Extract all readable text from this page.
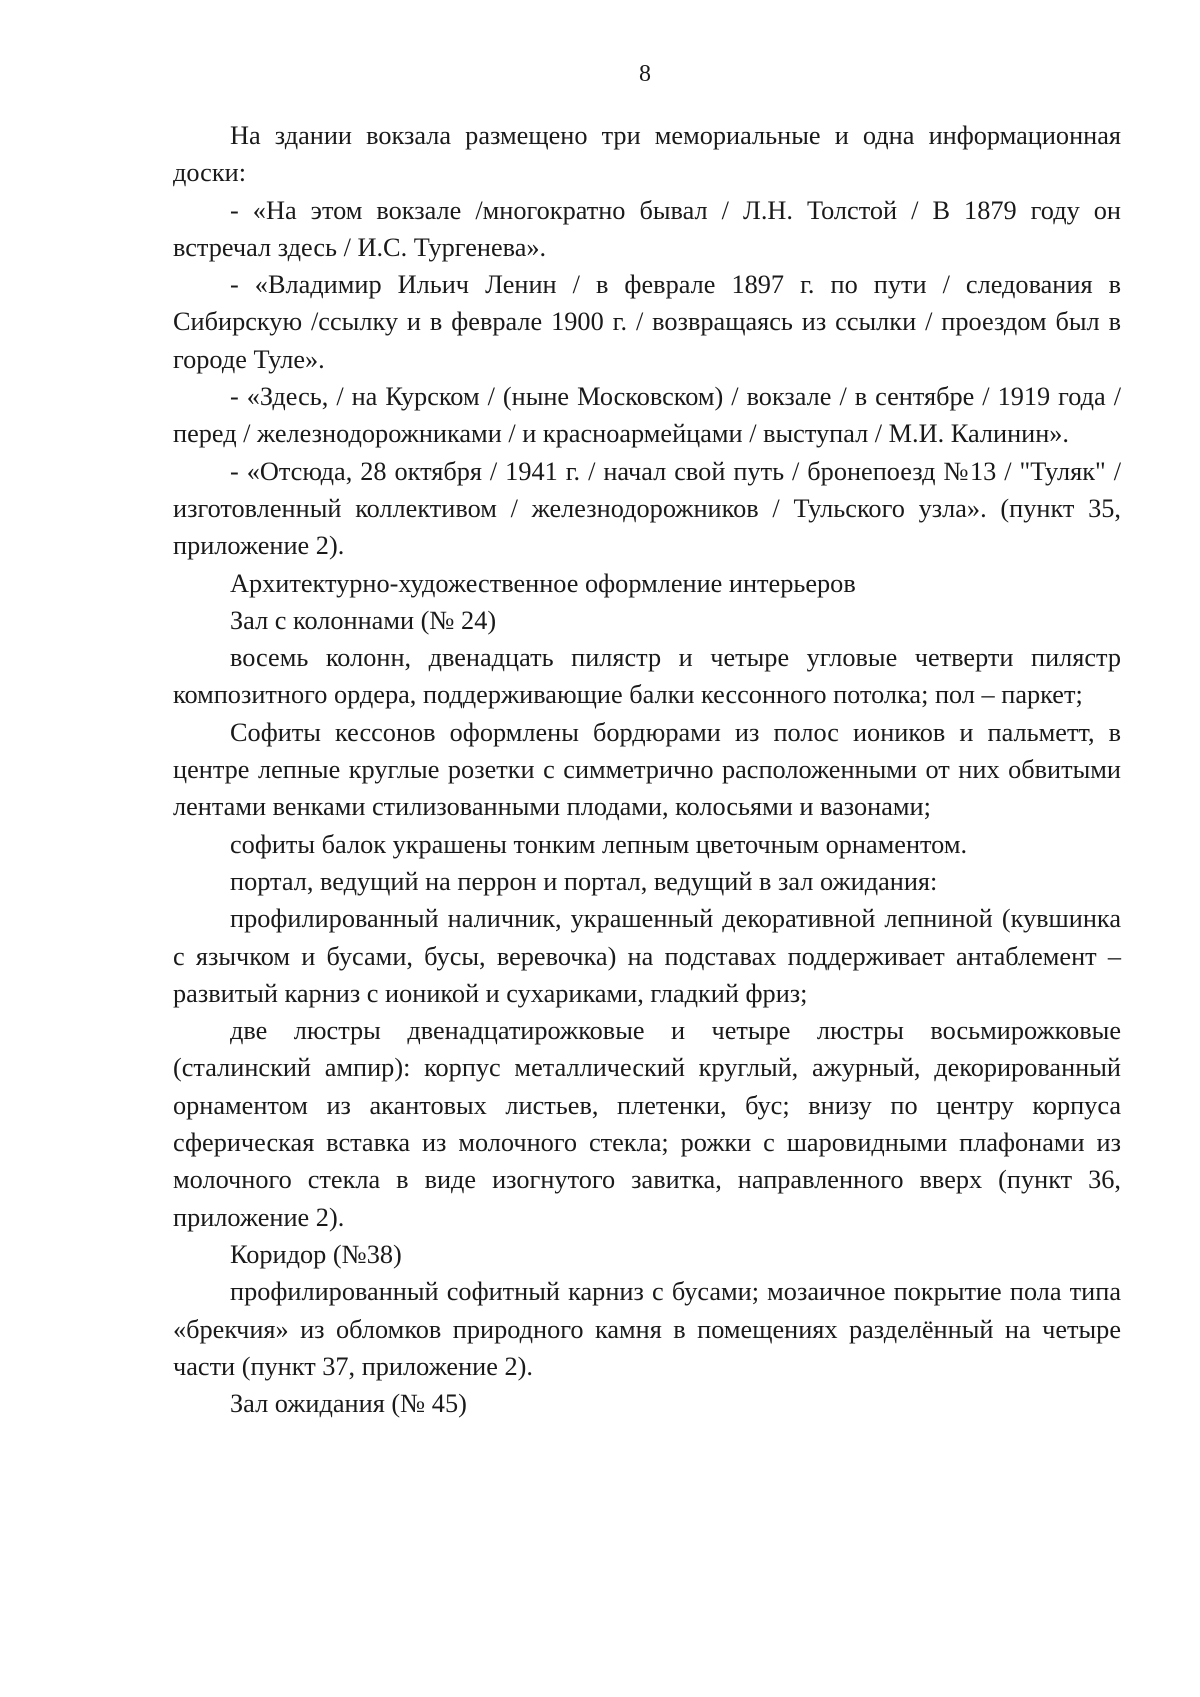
8

На здании вокзала размещено три мемориальные и одна информационная доски:

- «На этом вокзале /многократно бывал / Л.Н. Толстой / В 1879 году он встречал здесь / И.С. Тургенева».

- «Владимир Ильич Ленин / в феврале 1897 г. по пути / следования в Сибирскую /ссылку и в феврале 1900 г. / возвращаясь из ссылки / проездом был в городе Туле».

- «Здесь, / на Курском / (ныне Московском) / вокзале / в сентябре / 1919 года / перед / железнодорожниками / и красноармейцами / выступал / М.И. Калинин».

- «Отсюда, 28 октября / 1941 г. / начал свой путь / бронепоезд №13 / "Туляк" /изготовленный коллективом / железнодорожников / Тульского узла». (пункт 35, приложение 2).

Архитектурно-художественное оформление интерьеров

Зал с колоннами (№ 24)

восемь колонн, двенадцать пилястр и четыре угловые четверти пилястр композитного ордера, поддерживающие балки кессонного потолка; пол – паркет;

Софиты кессонов оформлены бордюрами из полос иоников и пальметт, в центре лепные круглые розетки с симметрично расположенными от них обвитыми лентами венками стилизованными плодами, колосьями и вазонами;

софиты балок украшены тонким лепным цветочным орнаментом.

портал, ведущий на перрон и портал, ведущий в зал ожидания:

профилированный наличник, украшенный декоративной лепниной (кувшинка с язычком и бусами, бусы, веревочка) на подставах поддерживает антаблемент – развитый карниз с ионикой и сухариками, гладкий фриз;

две люстры двенадцатирожковые и четыре люстры восьмирожковые (сталинский ампир): корпус металлический круглый, ажурный, декорированный орнаментом из акантовых листьев, плетенки, бус; внизу по центру корпуса сферическая вставка из молочного стекла; рожки с шаровидными плафонами из молочного стекла в виде изогнутого завитка, направленного вверх (пункт 36, приложение 2).

Коридор (№38)

профилированный софитный карниз с бусами; мозаичное покрытие пола типа «брекчия» из обломков природного камня в помещениях разделённый на четыре части (пункт 37, приложение 2).

Зал ожидания (№ 45)
